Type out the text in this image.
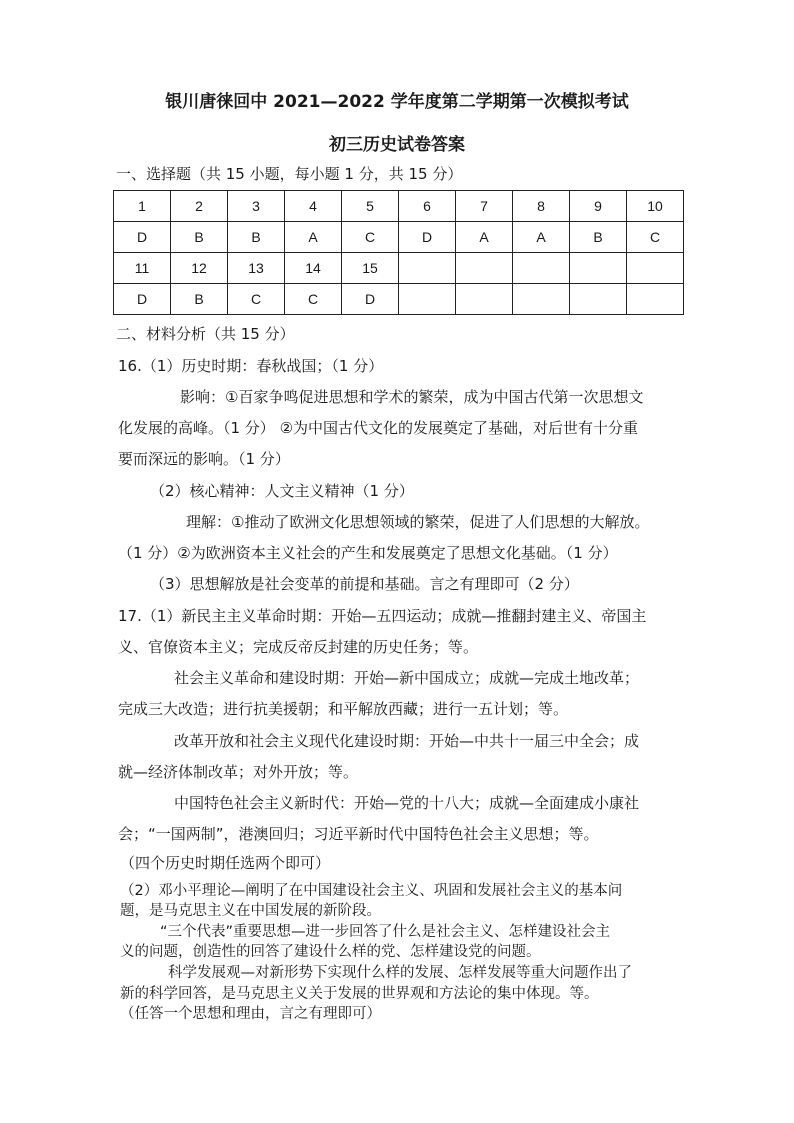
银川唐徕回中 2021—2022 学年度第二学期第一次模拟考试
初三历史试卷答案
一、选择题（共 15 小题，每小题 1 分，共 15 分）
1	2	3	4	5	6	7	8	9	10
D	B	B	A	C	D	A	A	B	C
11	12	13	14	15					
D	B	C	C	D					
二、材料分析（共 15 分）
16.（1）历史时期：春秋战国；（1 分）
影响：①百家争鸣促进思想和学术的繁荣，成为中国古代第一次思想文
化发展的高峰。（1 分） ②为中国古代文化的发展奠定了基础，对后世有十分重
要而深远的影响。（1 分）
（2）核心精神：人文主义精神（1 分）
理解：①推动了欧洲文化思想领域的繁荣，促进了人们思想的大解放。
（1 分）②为欧洲资本主义社会的产生和发展奠定了思想文化基础。（1 分）
（3）思想解放是社会变革的前提和基础。言之有理即可（2 分）
17.（1）新民主主义革命时期：开始—五四运动；成就—推翻封建主义、帝国主
义、官僚资本主义；完成反帝反封建的历史任务；等。
社会主义革命和建设时期：开始—新中国成立；成就—完成土地改革；
完成三大改造；进行抗美援朝；和平解放西藏；进行一五计划；等。
改革开放和社会主义现代化建设时期：开始—中共十一届三中全会；成
就—经济体制改革；对外开放；等。
中国特色社会主义新时代：开始—党的十八大；成就—全面建成小康社
会；“一国两制”，港澳回归；习近平新时代中国特色社会主义思想；等。
（四个历史时期任选两个即可）
（2）邓小平理论—阐明了在中国建设社会主义、巩固和发展社会主义的基本问
题，是马克思主义在中国发展的新阶段。
“三个代表”重要思想—进一步回答了什么是社会主义、怎样建设社会主
义的问题，创造性的回答了建设什么样的党、怎样建设党的问题。
科学发展观—对新形势下实现什么样的发展、怎样发展等重大问题作出了
新的科学回答，是马克思主义关于发展的世界观和方法论的集中体现。等。
（任答一个思想和理由，言之有理即可）
